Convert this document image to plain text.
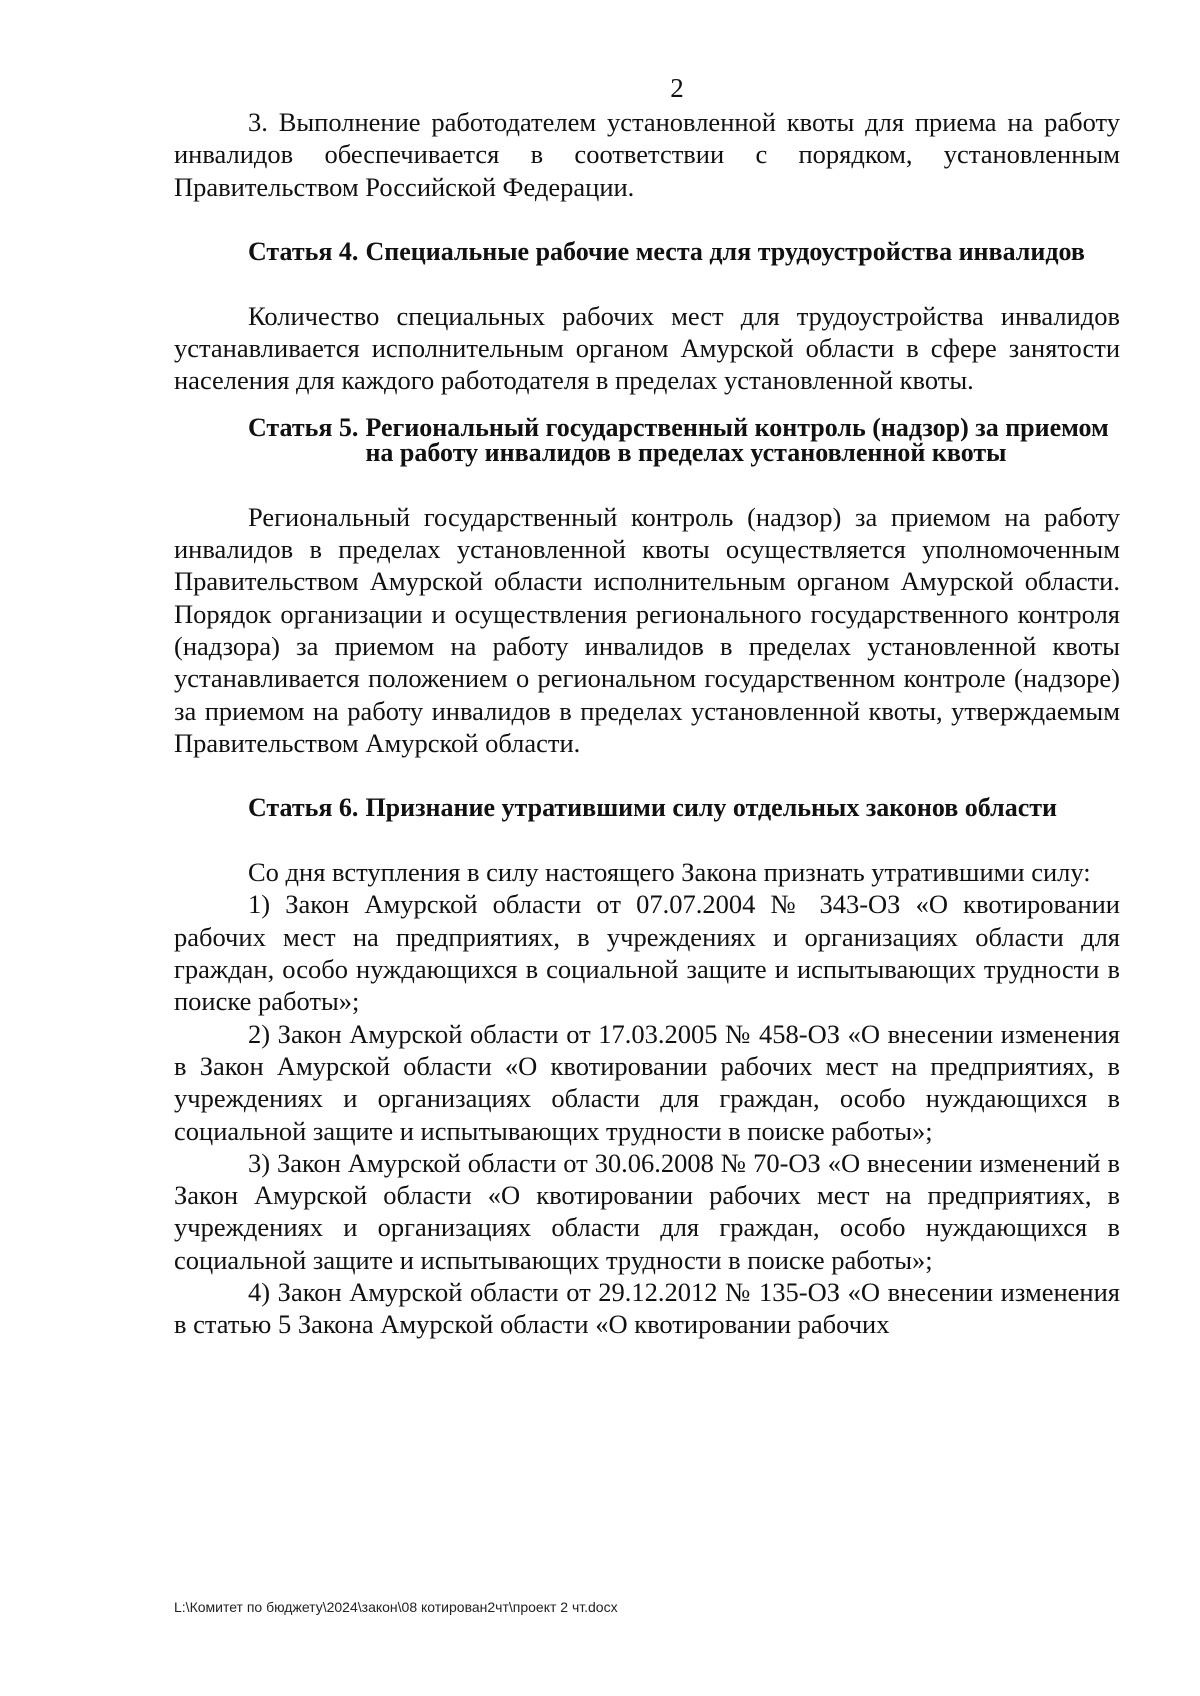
2

3. Выполнение работодателем установленной квоты для приема на работу инвалидов обеспечивается в соответствии с порядком, установленным Правительством Российской Федерации.

Статья 4. Специальные рабочие места для трудоустройства инвалидов

Количество специальных рабочих мест для трудоустройства инвалидов устанавливается исполнительным органом Амурской области в сфере занятости населения для каждого работодателя в пределах установленной квоты.

Статья 5. Региональный государственный контроль (надзор) за приемом на работу инвалидов в пределах установленной квоты

Региональный государственный контроль (надзор) за приемом на работу инвалидов в пределах установленной квоты осуществляется уполномоченным Правительством Амурской области исполнительным органом Амурской области. Порядок организации и осуществления регионального государственного контроля (надзора) за приемом на работу инвалидов в пределах установленной квоты устанавливается положением о региональном государственном контроле (надзоре) за приемом на работу инвалидов в пределах установленной квоты, утверждаемым Правительством Амурской области.

Статья 6. Признание утратившими силу отдельных законов области

Со дня вступления в силу настоящего Закона признать утратившими силу:

1) Закон Амурской области от 07.07.2004 № 343-ОЗ «О квотировании рабочих мест на предприятиях, в учреждениях и организациях области для граждан, особо нуждающихся в социальной защите и испытывающих трудности в поиске работы»;

2) Закон Амурской области от 17.03.2005 № 458-ОЗ «О внесении изменения в Закон Амурской области «О квотировании рабочих мест на предприятиях, в учреждениях и организациях области для граждан, особо нуждающихся в социальной защите и испытывающих трудности в поиске работы»;

3) Закон Амурской области от 30.06.2008 № 70-ОЗ «О внесении изменений в Закон Амурской области «О квотировании рабочих мест на предприятиях, в учреждениях и организациях области для граждан, особо нуждающихся в социальной защите и испытывающих трудности в поиске работы»;

4) Закон Амурской области от 29.12.2012 № 135-ОЗ «О внесении изменения в статью 5 Закона Амурской области «О квотировании рабочих

L:\Комитет по бюджету\2024\закон\08 котирован2чт\проект 2 чт.docx
